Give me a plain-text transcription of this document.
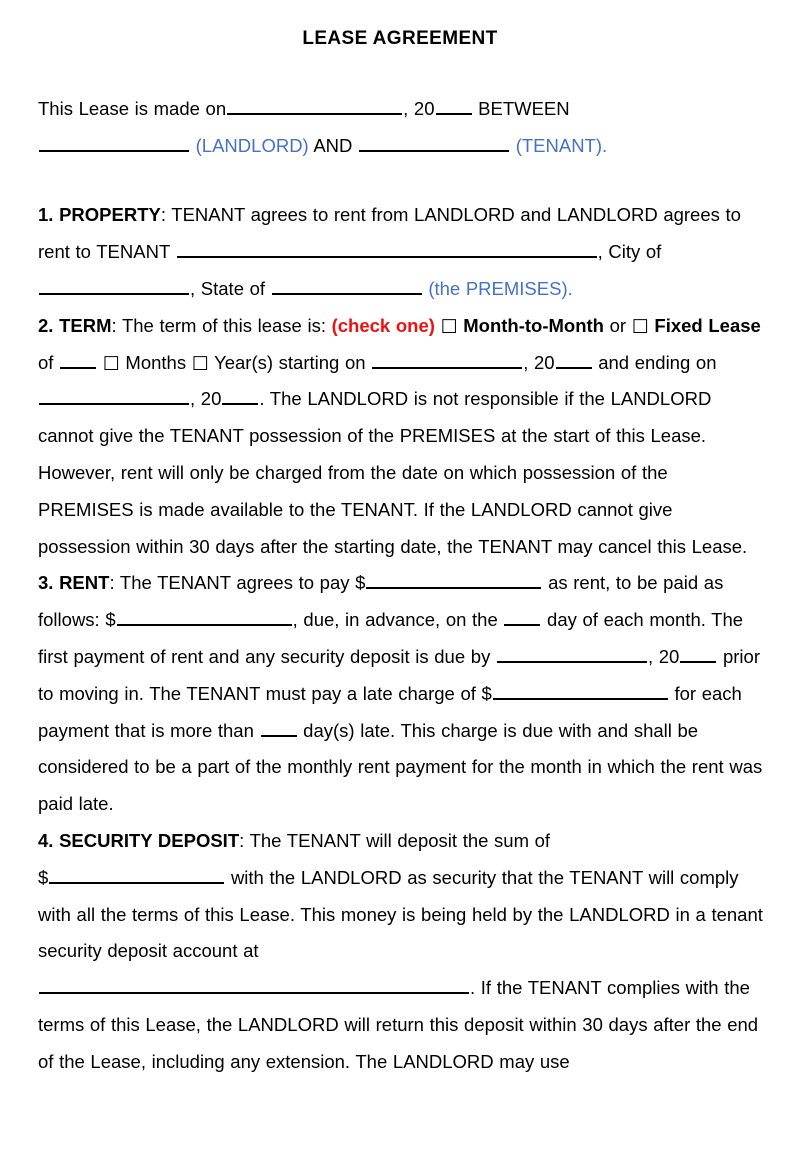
LEASE AGREEMENT

This Lease is made on	, 20 BETWEEN
(LANDLORD) AND	(TENANT).

1. PROPERTY: TENANT agrees to rent from LANDLORD and LANDLORD agrees to rent to TENANT	, City of , State of	(the PREMISES).

2. TERM: The term of this lease is: (check one) ☐ Month-to-Month or ☐ Fixed Lease of	☐ Months ☐ Year(s) starting on	, 20 and ending on , 20 . The LANDLORD is not responsible if the LANDLORD cannot give the TENANT possession of the PREMISES at the start of this Lease. However, rent will only be charged from the date on which possession of the PREMISES is made available to the TENANT. If the LANDLORD cannot give possession within 30 days after the starting date, the TENANT may cancel this Lease.

3. RENT: The TENANT agrees to pay $	as rent, to be paid as follows: $	, due, in advance, on the	day of each month. The first payment of rent and any security deposit is due by	, 20 prior to moving in. The TENANT must pay a late charge of $	for each payment that is more than	day(s) late. This charge is due with and shall be considered to be a part of the monthly rent payment for the month in which the rent was paid late.

4. SECURITY DEPOSIT: The TENANT will deposit the sum of
$	with the LANDLORD as security that the TENANT will comply with all the terms of this Lease. This money is being held by the LANDLORD in a tenant security deposit account at
. If the TENANT complies with the terms of this Lease, the LANDLORD will return this deposit within 30 days after the end of the Lease, including any extension. The LANDLORD may use
